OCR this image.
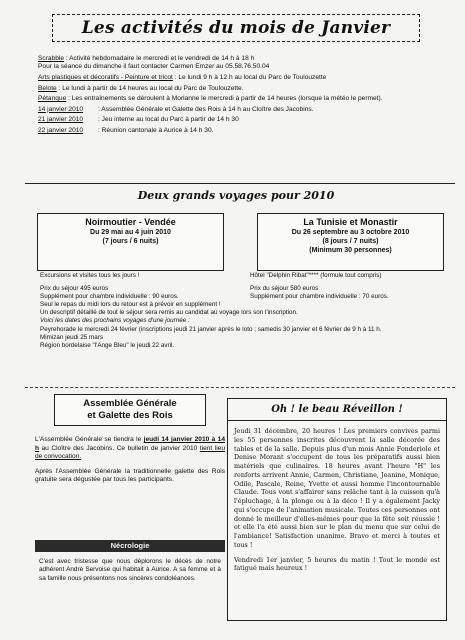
Les activités du mois de Janvier
Scrabble : Activité hebdomadaire le mercredi et le vendredi de 14 h à 18 h
Pour la séance du dimanche il faut contacter Carmen Emzer au 05.58.76.50.04
Arts plastiques et décoratifs - Peinture et tricot : Le lundi 9 h à 12 h au local du Parc de Toulouzette
Belote : Le lundi à partir de 14 heures au local du Parc de Toulouzette.
Pétanque : Les entraînements se déroulent à Morlanne le mercredi à partir de 14 heures (lorsque la météo le permet).
14 janvier 2010	: Assemblée Générale et Galette des Rois à 14 h au Cloître des Jacobins.
21 janvier 2010	: Jeu interne au local du Parc à partir de 14 h 30
22 janvier 2010	: Réunion cantonale à Aurice à 14 h 30.
Deux grands voyages pour 2010
Noirmoutier - Vendée
Du 29 mai au 4 juin 2010
(7 jours / 6 nuits)
La Tunisie et Monastir
Du 26 septembre au 3 octobre 2010
(8 jours / 7 nuits)
(Minimum 30 personnes)
Excursions et visites tous les jours !
Prix du séjour 495 euros
Supplément pour chambre individuelle : 90 euros.
Hôtel "Delphin Ribat"**** (formule tout compris)
Prix du séjour 580 euros
Supplément pour chambre individuelle : 70 euros.
Seul le repas du midi lors du retour est à prévoir en supplément !
Un descriptif détaillé de tout le séjour sera remis au candidat au voyage lors son l'inscription.
Voici les dates des prochains voyages d'une journée :
Peyrehorade le mercredi 24 février (inscriptions jeudi 21 janvier après le loto ; samedis 30 janvier et 6 février de 9 h à 11 h.
Mimizan jeudi 25 mars
Région bordelaise "l'Ange Bleu" le jeudi 22 avril.
Assemblée Générale
et Galette des Rois

L'Assemblée Générale se tiendra le jeudi 14 janvier 2010 à 14 h au Cloître des Jacobins. Ce bulletin de janvier 2010 tient lieu de convocation.

Après l'Assemblée Générale la traditionnelle galette des Rois gratuite sera dégustée par tous les participants.

Nécrologie

C'est avec tristesse que nous déplorons le décès de notre adhérent André Servoise qui habitait à Aurice. A sa femme et à sa famille nous présentons nos sincères condoléances.

Oh ! le beau Réveillon !

Jeudi 31 décembre, 20 heures ! Les premiers convives parmi les 55 personnes inscrites découvrent la salle décorée des tables et de la salle. Depuis plus d'un mois Annie Fonderiole et Denise Morant s'occupent de tous les préparatifs aussi bien matériels que culinaires. 18 heures avant l'heure "H" les renforts arrivent Annie, Carmen, Christiane, Jeanine, Monique, Odile, Pascale, Reine, Yvette et aussi homme l'incontournable Claude. Tous vont s'affairer sans relâche tant à la cuisson qu'à l'épluchage, à la plonge ou à la déco ! Il y a également Jacky qui s'occupe de l'animation musicale. Toutes ces personnes ont donné le meilleur d'elles-mêmes pour que la fête soit réussie ! et elle l'a été aussi bien sur le plan du menu que sur celui de l'ambiance! Satisfaction unanime. Bravo et merci à toutes et tous !

Vendredi 1er janvier, 5 heures du matin ! Tout le monde est fatigué mais heureux !
